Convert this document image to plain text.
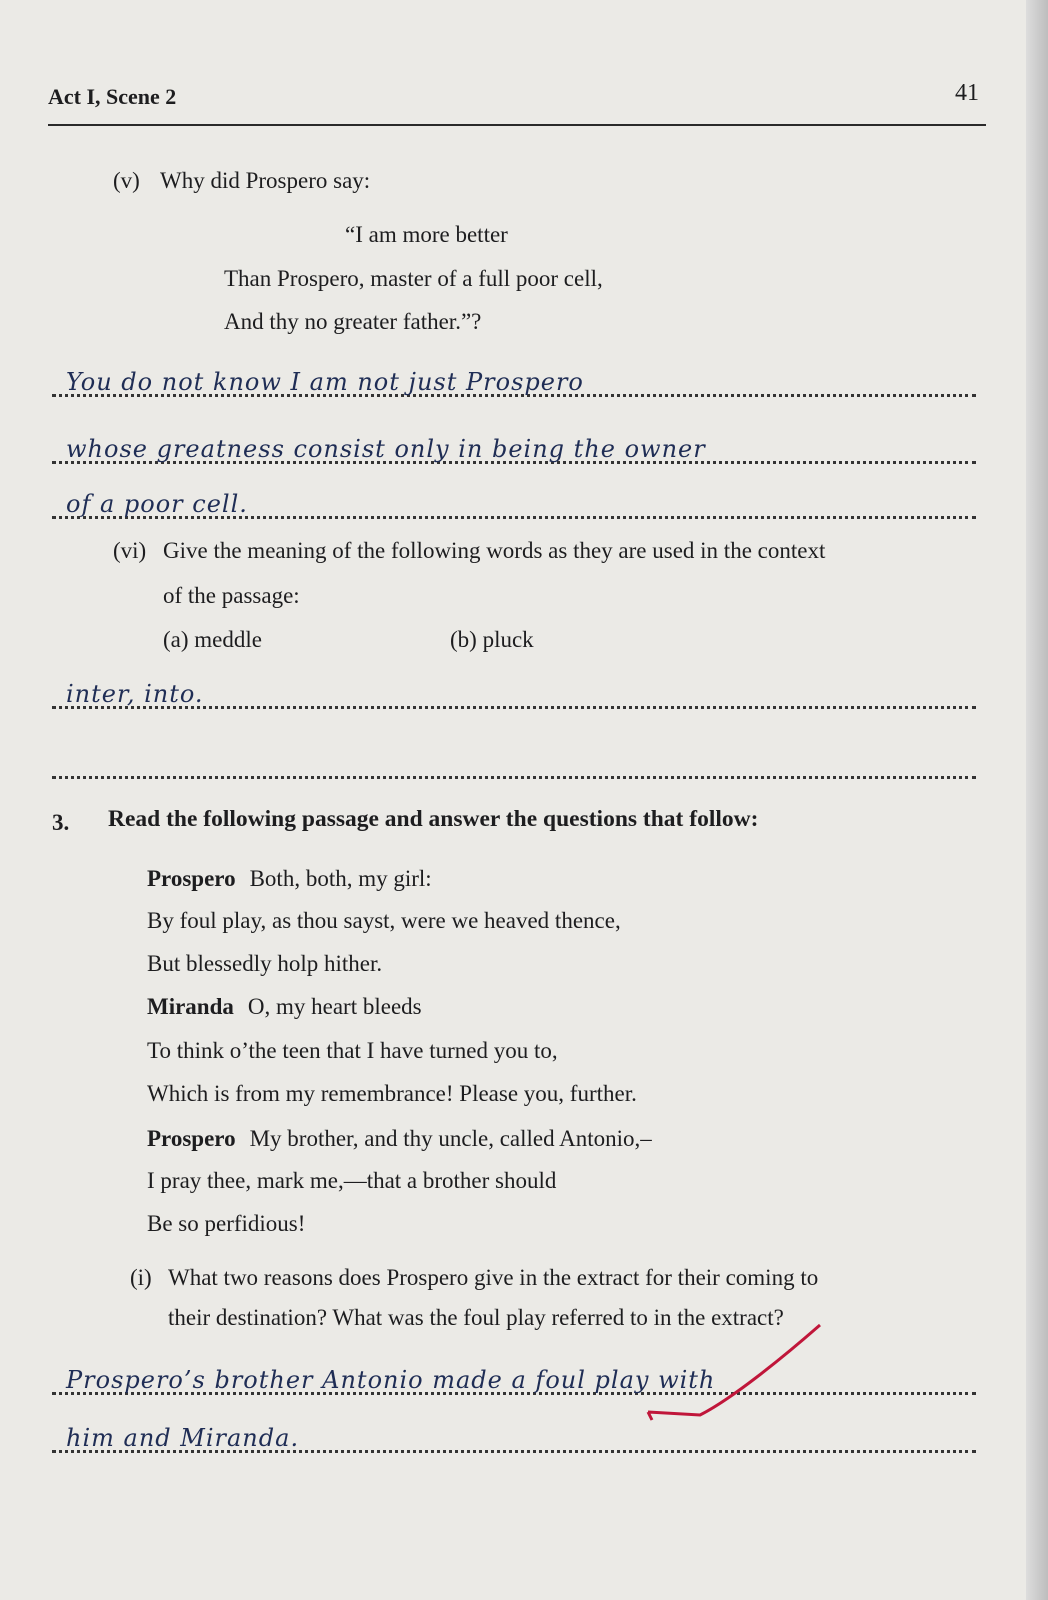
Act I, Scene 2	41
(v) Why did Prospero say:
“I am more better
Than Prospero, master of a full poor cell,
And thy no greater father.”?
You do not know I am not just Prospero
whose greatness consist only in being the owner
of a poor cell.
(vi) Give the meaning of the following words as they are used in the context
of the passage:
(a) meddle	(b) pluck
inter, into.
3. Read the following passage and answer the questions that follow:
Prospero Both, both, my girl:
By foul play, as thou sayst, were we heaved thence,
But blessedly holp hither.
Miranda O, my heart bleeds
To think o’the teen that I have turned you to,
Which is from my remembrance! Please you, further.
Prospero My brother, and thy uncle, called Antonio,–
I pray thee, mark me,—that a brother should
Be so perfidious!
(i) What two reasons does Prospero give in the extract for their coming to
their destination? What was the foul play referred to in the extract?
Prospero’s brother Antonio made a foul play with
him and Miranda.
